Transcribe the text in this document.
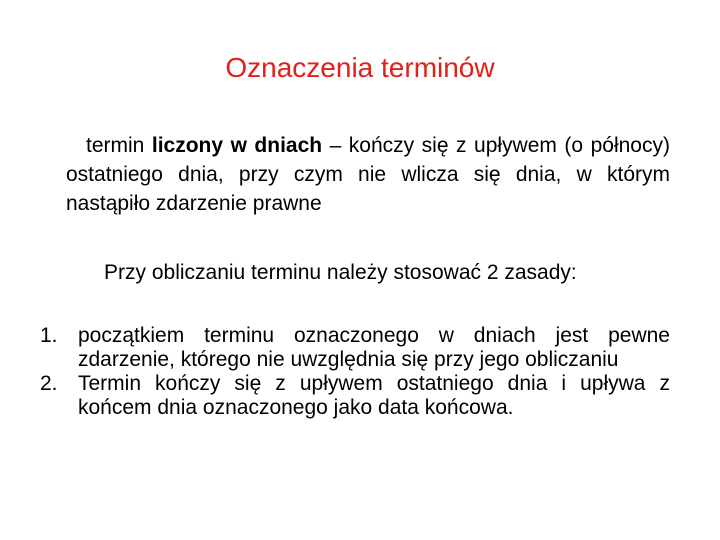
Oznaczenia terminów
termin liczony w dniach – kończy się z upływem (o północy) ostatniego dnia, przy czym nie wlicza się dnia, w którym nastąpiło zdarzenie prawne
Przy obliczaniu terminu należy stosować 2 zasady:
1. początkiem terminu oznaczonego w dniach jest pewne zdarzenie, którego nie uwzględnia się przy jego obliczaniu
2. Termin kończy się z upływem ostatniego dnia i upływa z końcem dnia oznaczonego jako data końcowa.
